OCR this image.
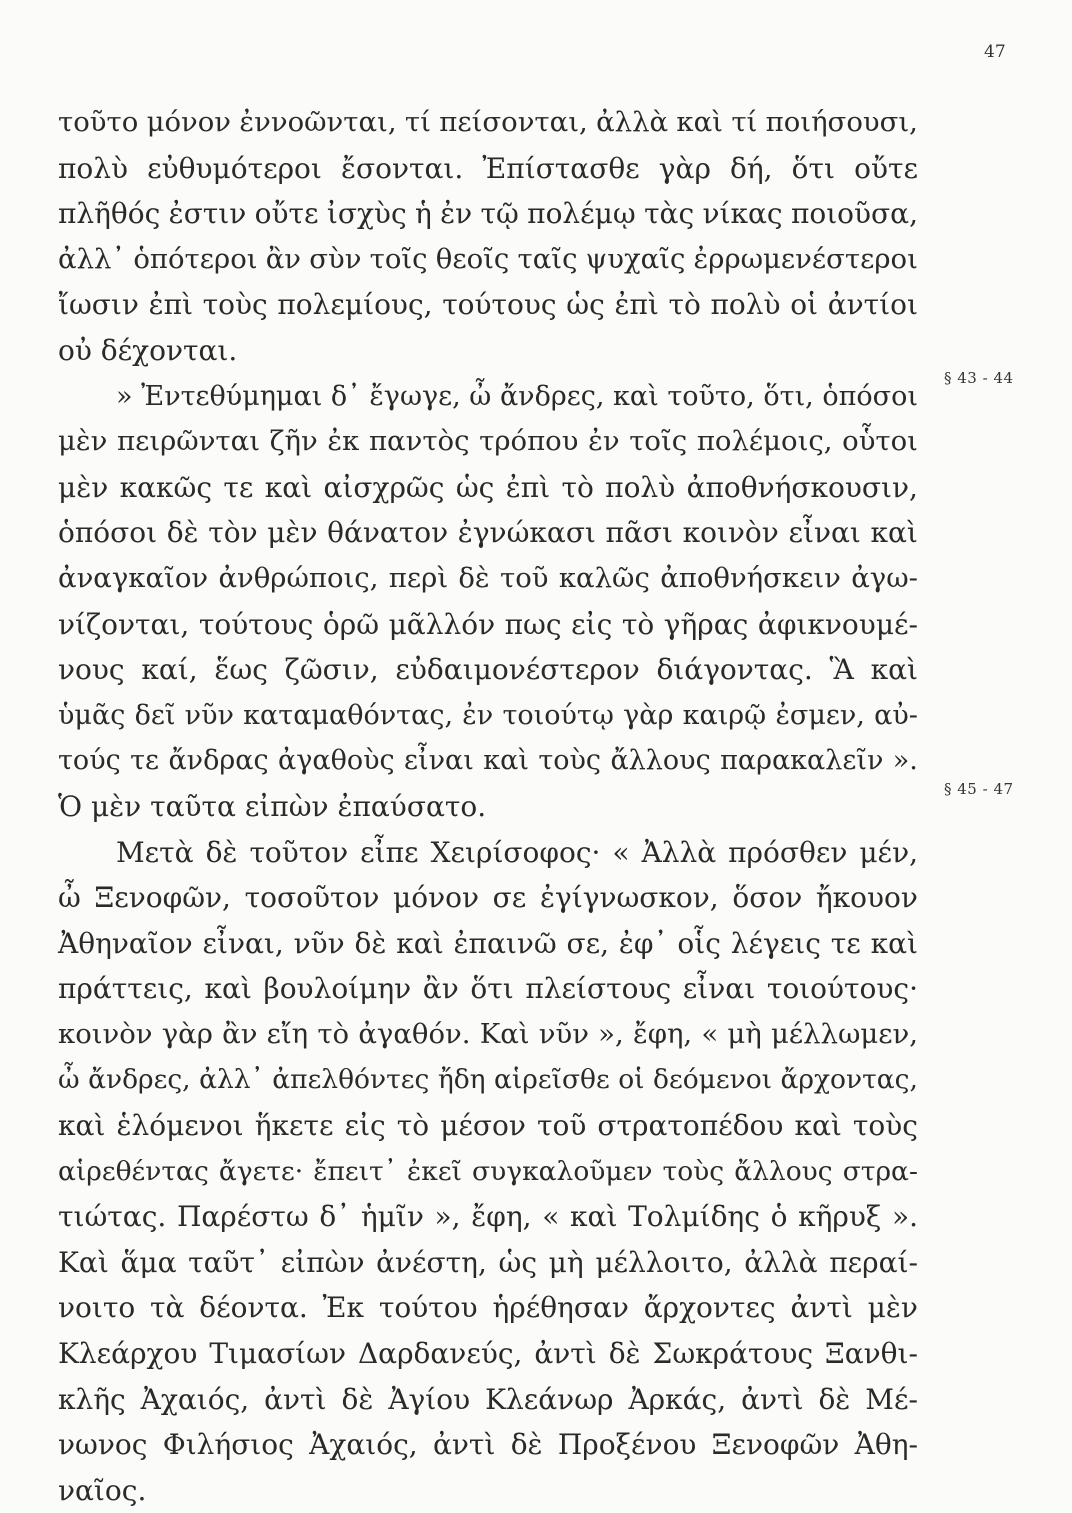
47
§ 43 - 44
§ 45 - 47
τοῦτο μόνον ἐννοῶνται, τί πείσονται, ἀλλὰ καὶ τί ποιήσουσι,
πολὺ εὐθυμότεροι ἔσονται. Ἐπίστασθε γὰρ δή, ὅτι οὔτε
πλῆθός ἐστιν οὔτε ἰσχὺς ἡ ἐν τῷ πολέμῳ τὰς νίκας ποιοῦσα,
ἀλλ᾽ ὁπότεροι ἂν σὺν τοῖς θεοῖς ταῖς ψυχαῖς ἐρρωμενέστεροι
ἴωσιν ἐπὶ τοὺς πολεμίους, τούτους ὡς ἐπὶ τὸ πολὺ οἱ ἀντίοι
οὐ δέχονται.
» Ἐντεθύμημαι δ᾽ ἔγωγε, ὦ ἄνδρες, καὶ τοῦτο, ὅτι, ὁπόσοι
μὲν πειρῶνται ζῆν ἐκ παντὸς τρόπου ἐν τοῖς πολέμοις, οὗτοι
μὲν κακῶς τε καὶ αἰσχρῶς ὡς ἐπὶ τὸ πολὺ ἀποθνήσκουσιν,
ὁπόσοι δὲ τὸν μὲν θάνατον ἐγνώκασι πᾶσι κοινὸν εἶναι καὶ
ἀναγκαῖον ἀνθρώποις, περὶ δὲ τοῦ καλῶς ἀποθνήσκειν ἀγω-
νίζονται, τούτους ὁρῶ μᾶλλόν πως εἰς τὸ γῆρας ἀφικνουμέ-
νους καί, ἕως ζῶσιν, εὐδαιμονέστερον διάγοντας. Ἃ καὶ
ὑμᾶς δεῖ νῦν καταμαθόντας, ἐν τοιούτῳ γὰρ καιρῷ ἐσμεν, αὐ-
τούς τε ἄνδρας ἀγαθοὺς εἶναι καὶ τοὺς ἄλλους παρακαλεῖν ».
Ὁ μὲν ταῦτα εἰπὼν ἐπαύσατο.
Μετὰ δὲ τοῦτον εἶπε Χειρίσοφος· « Ἀλλὰ πρόσθεν μέν,
ὦ Ξενοφῶν, τοσοῦτον μόνον σε ἐγίγνωσκον, ὅσον ἤκουον
Ἀθηναῖον εἶναι, νῦν δὲ καὶ ἐπαινῶ σε, ἐφ᾽ οἷς λέγεις τε καὶ
πράττεις, καὶ βουλοίμην ἂν ὅτι πλείστους εἶναι τοιούτους·
κοινὸν γὰρ ἂν εἴη τὸ ἀγαθόν. Καὶ νῦν », ἔφη, « μὴ μέλλωμεν,
ὦ ἄνδρες, ἀλλ᾽ ἀπελθόντες ἤδη αἱρεῖσθε οἱ δεόμενοι ἄρχοντας,
καὶ ἑλόμενοι ἥκετε εἰς τὸ μέσον τοῦ στρατοπέδου καὶ τοὺς
αἱρεθέντας ἄγετε· ἔπειτ᾽ ἐκεῖ συγκαλοῦμεν τοὺς ἄλλους στρα-
τιώτας. Παρέστω δ᾽ ἡμῖν », ἔφη, « καὶ Τολμίδης ὁ κῆρυξ ».
Καὶ ἅμα ταῦτ᾽ εἰπὼν ἀνέστη, ὡς μὴ μέλλοιτο, ἀλλὰ περαί-
νοιτο τὰ δέοντα. Ἐκ τούτου ἡρέθησαν ἄρχοντες ἀντὶ μὲν
Κλεάρχου Τιμασίων Δαρδανεύς, ἀντὶ δὲ Σωκράτους Ξανθι-
κλῆς Ἀχαιός, ἀντὶ δὲ Ἀγίου Κλεάνωρ Ἀρκάς, ἀντὶ δὲ Μέ-
νωνος Φιλήσιος Ἀχαιός, ἀντὶ δὲ Προξένου Ξενοφῶν Ἀθη-
ναῖος.
